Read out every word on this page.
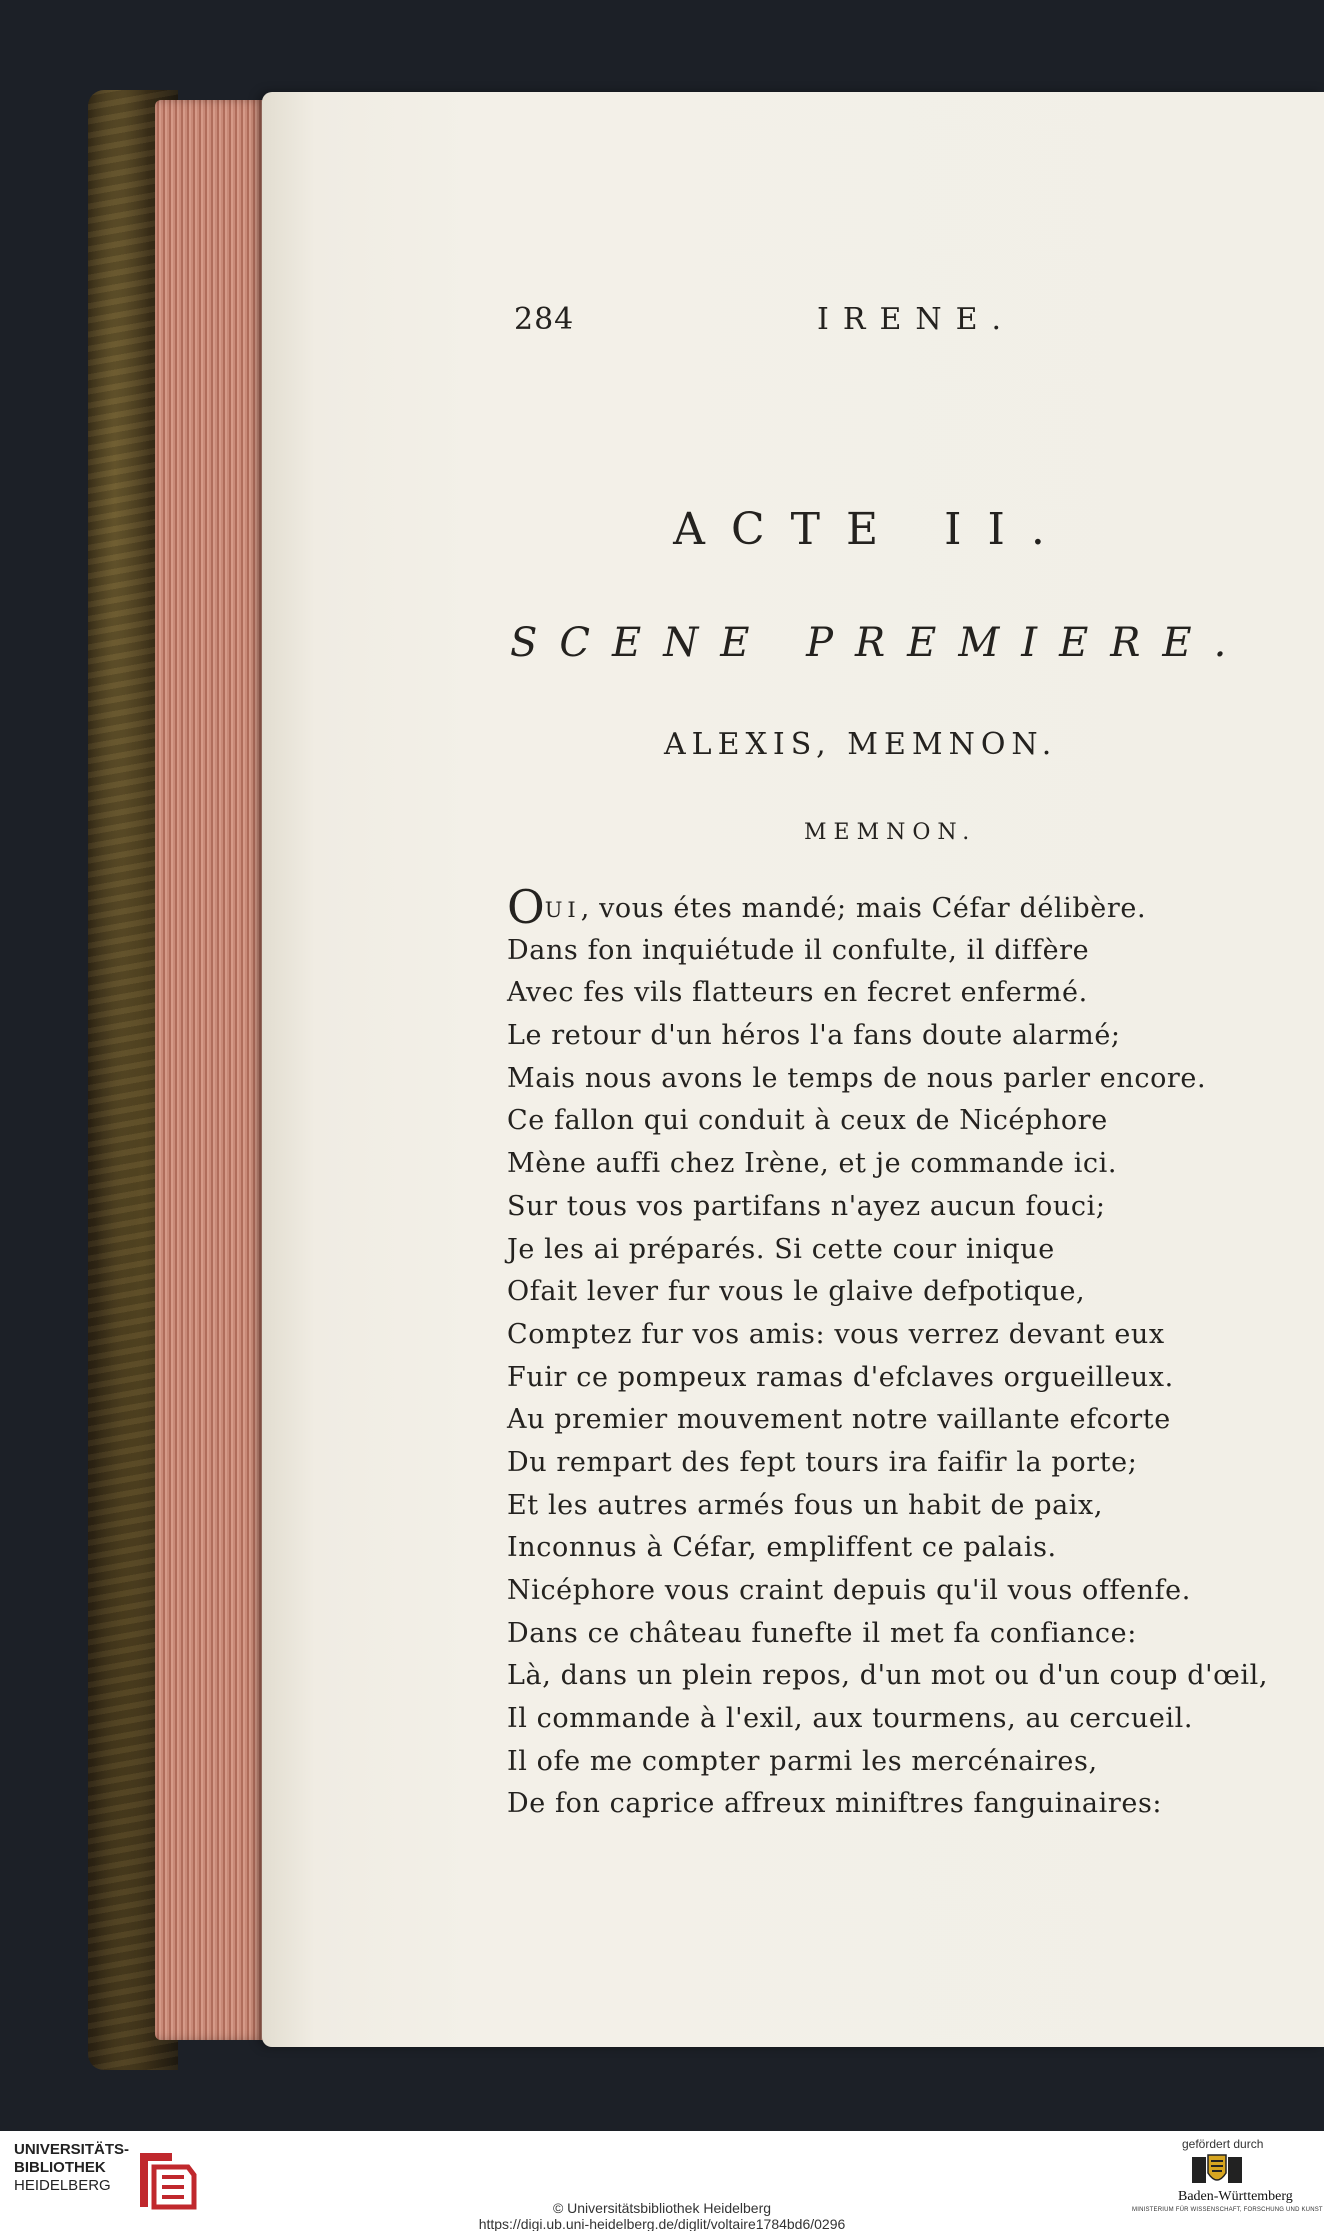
284	IRENE.
ACTE II.
SCENE PREMIERE.
ALEXIS, MEMNON.
MEMNON.
OUI, vous étes mandé; mais Céfar délibère.
Dans fon inquiétude il confulte, il diffère
Avec fes vils flatteurs en fecret enfermé.
Le retour d'un héros l'a fans doute alarmé;
Mais nous avons le temps de nous parler encore.
Ce fallon qui conduit à ceux de Nicéphore
Mène auffi chez Irène, et je commande ici.
Sur tous vos partifans n'ayez aucun fouci;
Je les ai préparés. Si cette cour inique
Ofait lever fur vous le glaive defpotique,
Comptez fur vos amis: vous verrez devant eux
Fuir ce pompeux ramas d'efclaves orgueilleux.
Au premier mouvement notre vaillante efcorte
Du rempart des fept tours ira faifir la porte;
Et les autres armés fous un habit de paix,
Inconnus à Céfar, empliffent ce palais.
Nicéphore vous craint depuis qu'il vous offenfe.
Dans ce château funefte il met fa confiance:
Là, dans un plein repos, d'un mot ou d'un coup d'œil,
Il commande à l'exil, aux tourmens, au cercueil.
Il ofe me compter parmi les mercénaires,
De fon caprice affreux miniftres fanguinaires:
UNIVERSITÄTS-
BIBLIOTHEK
HEIDELBERG
© Universitätsbibliothek Heidelberg
https://digi.ub.uni-heidelberg.de/diglit/voltaire1784bd6/0296
gefördert durch
Baden-Württemberg
MINISTERIUM FÜR WISSENSCHAFT, FORSCHUNG UND KUNST
